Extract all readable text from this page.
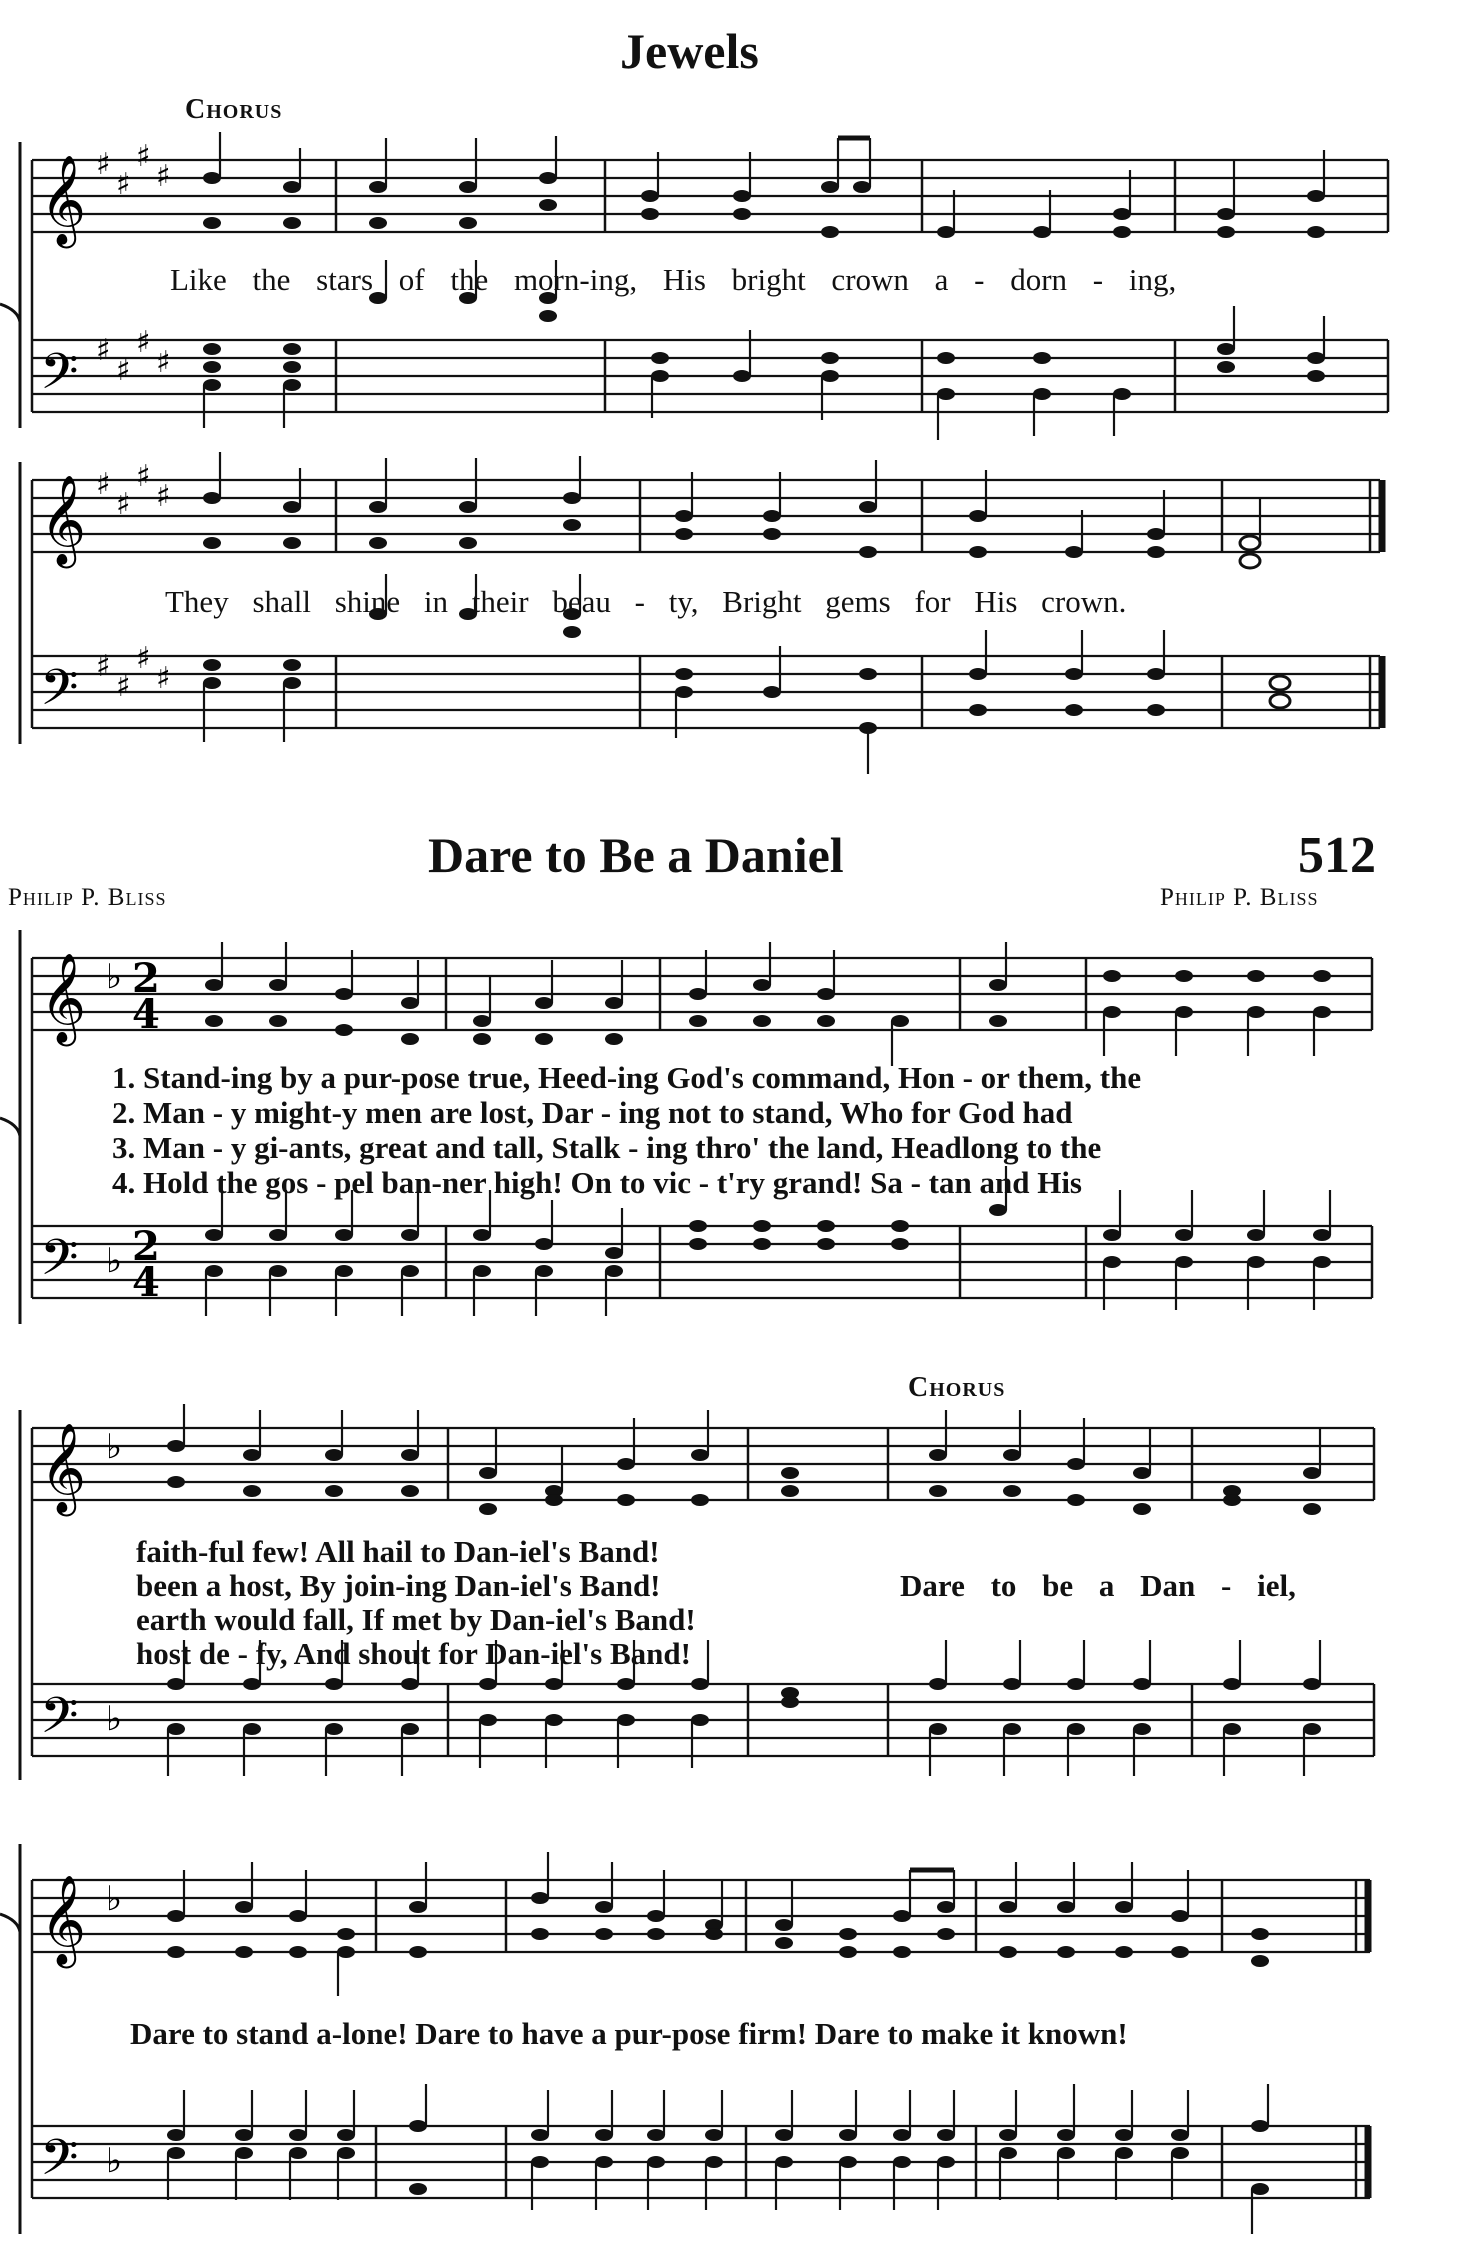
Jewels
Chorus
𝄞
𝄢
♯
♯
♯
♯
♯
♯
♯
♯
Like the stars of the morn-ing, His bright crown a - dorn - ing,
𝄞
𝄢
♯
♯
♯
♯
♯
♯
♯
♯
They shall shine in their beau - ty, Bright gems for His crown.
Dare to Be a Daniel	512
Philip P. Bliss	Philip P. Bliss
𝄞
𝄢
♭
♭
2
4
2
4
1. Stand-ing by a pur-pose true, Heed-ing God's command, Hon - or them, the
2. Man - y might-y men are lost, Dar - ing not to stand, Who for God had
3. Man - y gi-ants, great and tall, Stalk - ing thro' the land, Headlong to the
4. Hold the gos - pel ban-ner high! On to vic - t'ry grand! Sa - tan and His
Chorus
𝄞
𝄢
♭
♭
faith-ful few! All hail to Dan-iel's Band!
been a host, By join-ing Dan-iel's Band!	Dare to be a Dan - iel,
earth would fall, If met by Dan-iel's Band!
host de - fy, And shout for Dan-iel's Band!
𝄞
𝄢
♭
♭
Dare to stand a-lone! Dare to have a pur-pose firm! Dare to make it known!
